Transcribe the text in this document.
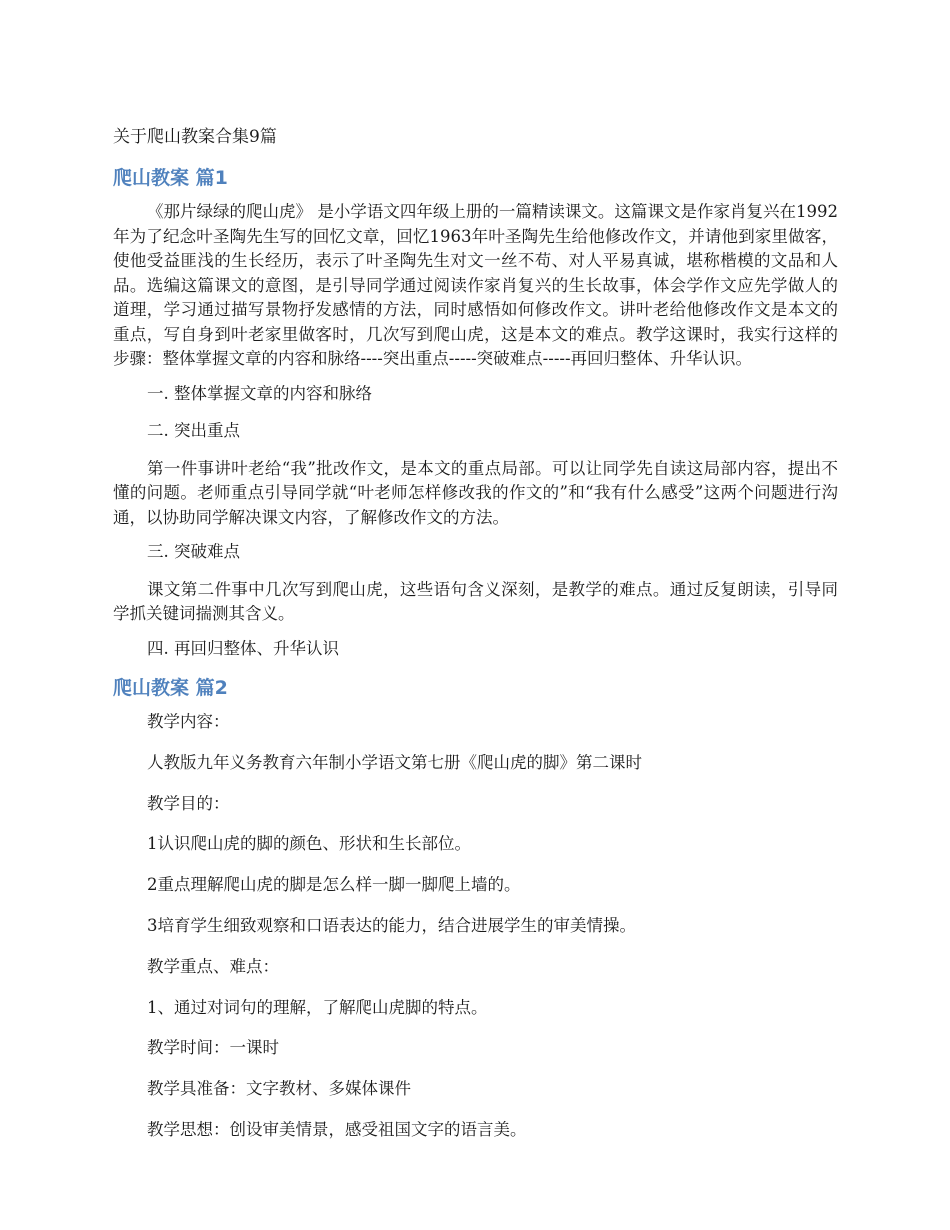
关于爬山教案合集9篇
爬山教案 篇1

《那片绿绿的爬山虎》 是小学语文四年级上册的一篇精读课文。这篇课文是作家肖复兴在1992年为了纪念叶圣陶先生写的回忆文章，回忆1963年叶圣陶先生给他修改作文，并请他到家里做客，使他受益匪浅的生长经历，表示了叶圣陶先生对文一丝不苟、对人平易真诚，堪称楷模的文品和人品。选编这篇课文的意图，是引导同学通过阅读作家肖复兴的生长故事，体会学作文应先学做人的道理，学习通过描写景物抒发感情的方法，同时感悟如何修改作文。讲叶老给他修改作文是本文的重点，写自身到叶老家里做客时，几次写到爬山虎，这是本文的难点。教学这课时，我实行这样的步骤：整体掌握文章的内容和脉络----突出重点-----突破难点-----再回归整体、升华认识。

一. 整体掌握文章的内容和脉络

二. 突出重点

第一件事讲叶老给“我”批改作文，是本文的重点局部。可以让同学先自读这局部内容，提出不懂的问题。老师重点引导同学就“叶老师怎样修改我的作文的”和“我有什么感受”这两个问题进行沟通，以协助同学解决课文内容，了解修改作文的方法。

三. 突破难点

课文第二件事中几次写到爬山虎，这些语句含义深刻，是教学的难点。通过反复朗读，引导同学抓关键词揣测其含义。

四. 再回归整体、升华认识

爬山教案 篇2

教学内容：

人教版九年义务教育六年制小学语文第七册《爬山虎的脚》第二课时

教学目的：

1认识爬山虎的脚的颜色、形状和生长部位。

2重点理解爬山虎的脚是怎么样一脚一脚爬上墙的。

3培育学生细致观察和口语表达的能力，结合进展学生的审美情操。

教学重点、难点：

1、通过对词句的理解，了解爬山虎脚的特点。

教学时间：一课时

教学具准备：文字教材、多媒体课件

教学思想：创设审美情景，感受祖国文字的语言美。
